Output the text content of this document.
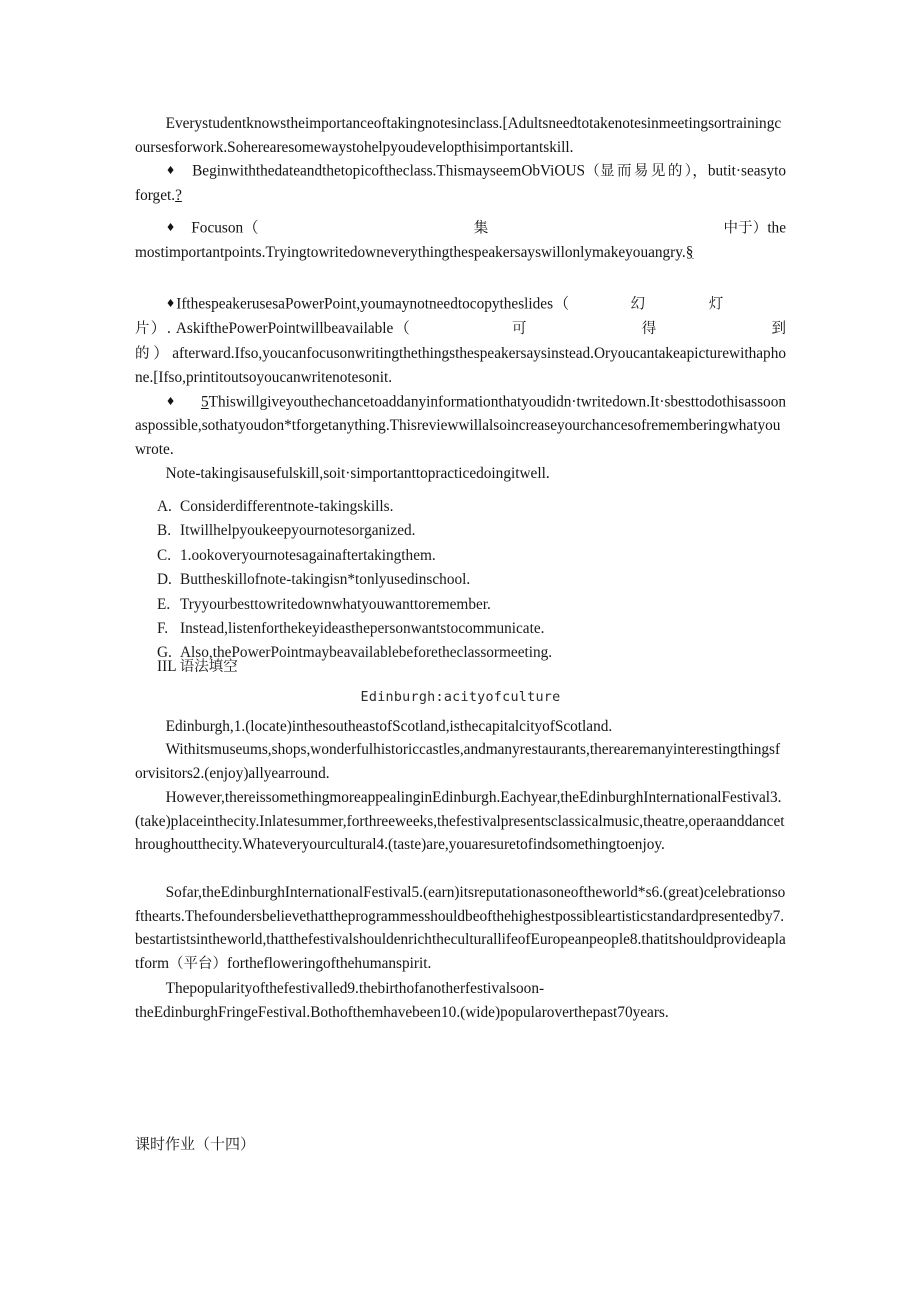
Everystudentknowstheimportanceoftakingnotesinclass.[Adultsneedtotakenotesinmeetingsortrainingcoursesforwork.Soherearesomewaystohelpyoudevelopthisimportantskill.

♦ Beginwiththedateandthetopicoftheclass.ThismayseemObViOUS（显而易见的），butit·seasytoforget.?

♦ Focuson（	集	中于）themostimportantpoints.Tryingtowritedowneverythingthespeakersayswillonlymakeyouangry.§

♦IfthespeakerusesaPowerPoint,youmaynotneedtocopytheslides（	幻	灯片）. AskifthePowerPointwillbeavailable（	可	得	到的）afterward.Ifso,youcanfocusonwritingthethingsthespeakersaysinstead.Oryoucantakeapicturewithaphone.[Ifso,printitoutsoyoucanwritenotesonit.

♦ 5Thiswillgiveyouthechancetoaddanyinformationthatyoudidn·twritedown.It·sbesttodothisassoonaspossible,sothatyoudon*tforgetanything.Thisreviewwillalsoincreaseyourchancesofrememberingwhatyouwrote.

Note-takingisausefulskill,soit·simportanttopracticedoingitwell.

A. Considerdifferentnote-takingskills.
B. Itwillhelpyoukeepyournotesorganized.
C. 1.ookoveryournotesagainaftertakingthem.
D. Buttheskillofnote-takingisn*tonlyusedinschool.
E. Tryyourbesttowritedownwhatyouwanttoremember.
F. Instead,listenforthekeyideasthepersonwantstocommunicate.
G. Also,thePowerPointmaybeavailablebeforetheclassormeeting.
IIL 语法填空
Edinburgh:acityofculture

Edinburgh,1.(locate)inthesoutheastofScotland,isthecapitalcityofScotland.

Withitsmuseums,shops,wonderfulhistoriccastles,andmanyrestaurants,therearemanyinterestingthingsforvisitors2.(enjoy)allyearround.

However,thereissomethingmoreappealinginEdinburgh.Eachyear,theEdinburghInternationalFestival3.(take)placeinthecity.Inlatesummer,forthreeweeks,thefestivalpresentsclassicalmusic,theatre,operaanddancethroughoutthecity.Whateveryourcultural4.(taste)are,youaresuretofindsomethingtoenjoy.

Sofar,theEdinburghInternationalFestival5.(earn)itsreputationasoneoftheworld*s6.(great)celebrationsofthearts.Thefoundersbelievethattheprogrammesshouldbeofthehighestpossibleartisticstandardpresentedby7.bestartistsintheworld,thatthefestivalshouldenrichtheculturallifeofEuropeanpeople8.thatitshouldprovideaplatform（平台）forthefloweringofthehumanspirit.

Thepopularityofthefestivalled9.thebirthofanotherfestivalsoon-

theEdinburghFringeFestival.Bothofthemhavebeen10.(wide)popularoverthepast70years.

课时作业（十四）
